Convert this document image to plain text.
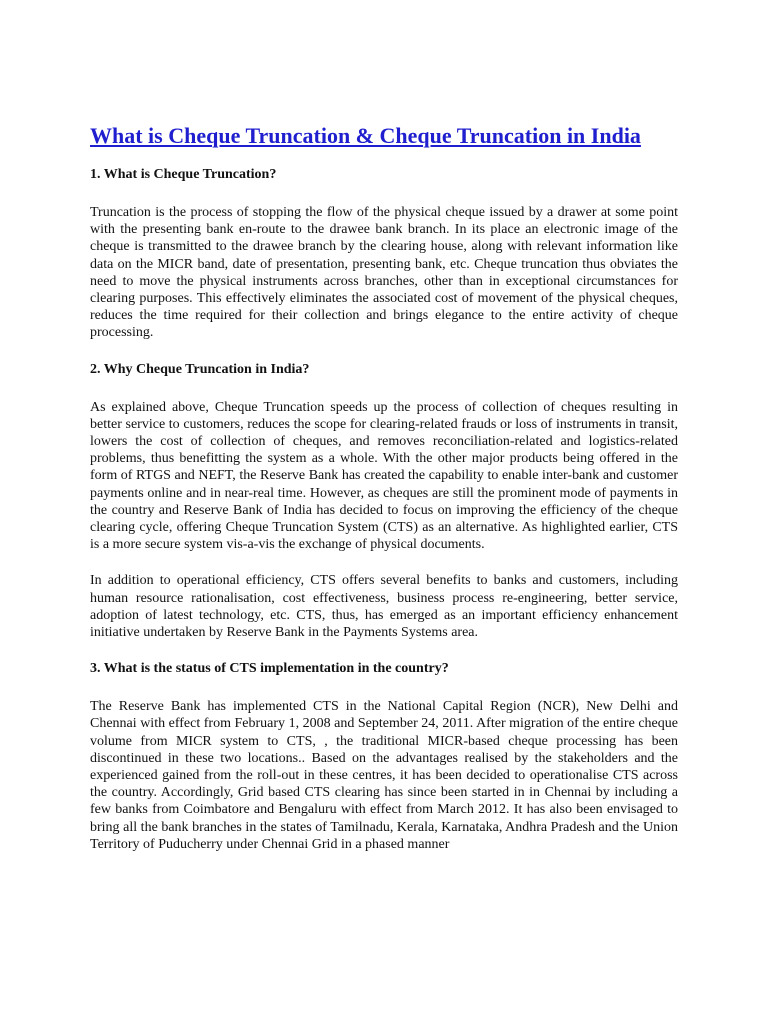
What is Cheque Truncation & Cheque Truncation in India
1. What is Cheque Truncation?

Truncation is the process of stopping the flow of the physical cheque issued by a drawer at some point with the presenting bank en-route to the drawee bank branch. In its place an electronic image of the cheque is transmitted to the drawee branch by the clearing house, along with relevant information like data on the MICR band, date of presentation, presenting bank, etc. Cheque truncation thus obviates the need to move the physical instruments across branches, other than in exceptional circumstances for clearing purposes. This effectively eliminates the associated cost of movement of the physical cheques, reduces the time required for their collection and brings elegance to the entire activity of cheque processing.

2. Why Cheque Truncation in India?

As explained above, Cheque Truncation speeds up the process of collection of cheques resulting in better service to customers, reduces the scope for clearing-related frauds or loss of instruments in transit, lowers the cost of collection of cheques, and removes reconciliation-related and logistics-related problems, thus benefitting the system as a whole. With the other major products being offered in the form of RTGS and NEFT, the Reserve Bank has created the capability to enable inter-bank and customer payments online and in near-real time. However, as cheques are still the prominent mode of payments in the country and Reserve Bank of India has decided to focus on improving the efficiency of the cheque clearing cycle, offering Cheque Truncation System (CTS) as an alternative. As highlighted earlier, CTS is a more secure system vis-a-vis the exchange of physical documents.

In addition to operational efficiency, CTS offers several benefits to banks and customers, including human resource rationalisation, cost effectiveness, business process re-engineering, better service, adoption of latest technology, etc. CTS, thus, has emerged as an important efficiency enhancement initiative undertaken by Reserve Bank in the Payments Systems area.

3. What is the status of CTS implementation in the country?

The Reserve Bank has implemented CTS in the National Capital Region (NCR), New Delhi and Chennai with effect from February 1, 2008 and September 24, 2011. After migration of the entire cheque volume from MICR system to CTS, , the traditional MICR-based cheque processing has been discontinued in these two locations.. Based on the advantages realised by the stakeholders and the experienced gained from the roll-out in these centres, it has been decided to operationalise CTS across the country. Accordingly, Grid based CTS clearing has since been started in in Chennai by including a few banks from Coimbatore and Bengaluru with effect from March 2012. It has also been envisaged to bring all the bank branches in the states of Tamilnadu, Kerala, Karnataka, Andhra Pradesh and the Union Territory of Puducherry under Chennai Grid in a phased manner
